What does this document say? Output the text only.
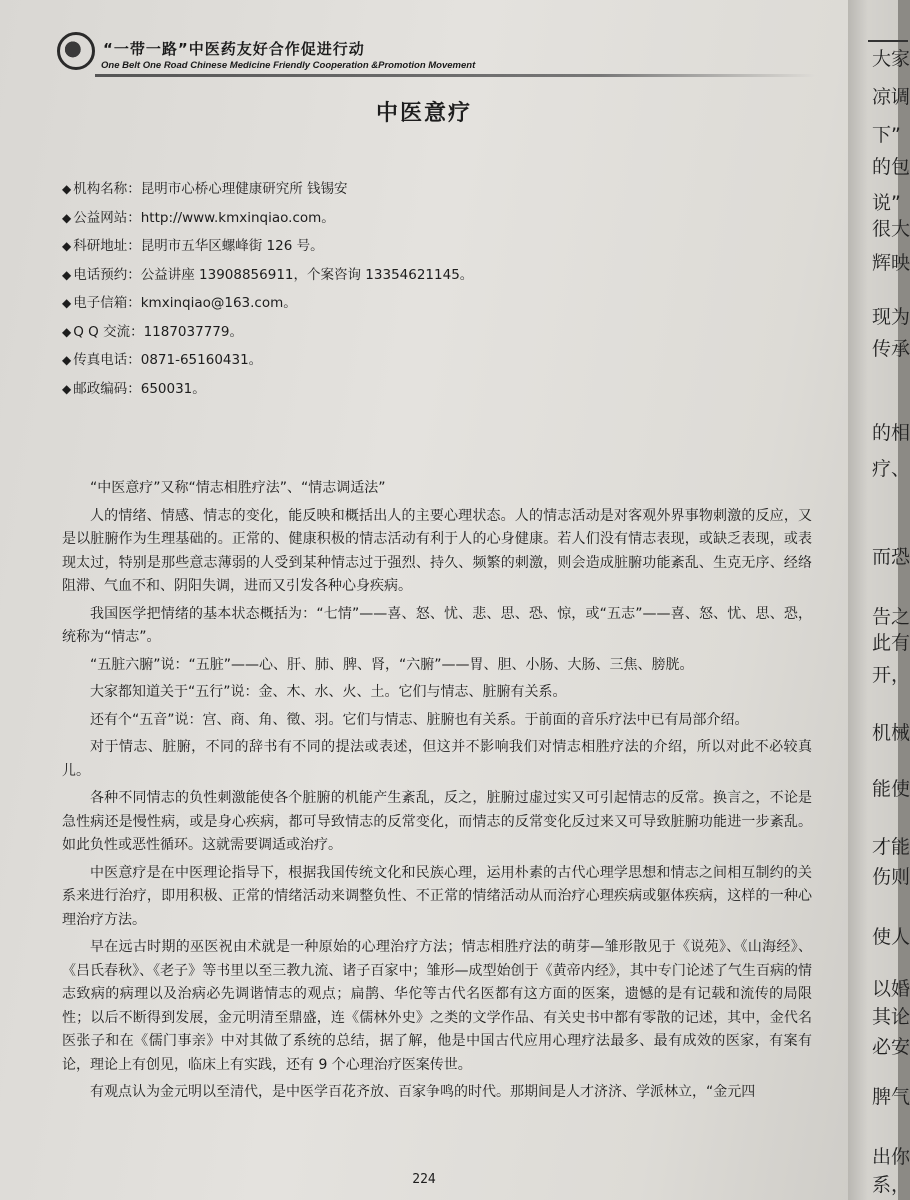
“一带一路”中医药友好合作促进行动
One Belt One Road Chinese Medicine Friendly Cooperation &Promotion Movement
中医意疗
◆ 机构名称：昆明市心桥心理健康研究所 钱锡安
◆ 公益网站：http://www.kmxinqiao.com。
◆ 科研地址：昆明市五华区螺峰街 126 号。
◆ 电话预约：公益讲座 13908856911，个案咨询 13354621145。
◆ 电子信箱：kmxinqiao@163.com。
◆ Q Q 交流：1187037779。
◆ 传真电话：0871-65160431。
◆ 邮政编码：650031。

“中医意疗”又称“情志相胜疗法”、“情志调适法”

人的情绪、情感、情志的变化，能反映和概括出人的主要心理状态。人的情志活动是对客观外界事物刺激的反应，又是以脏腑作为生理基础的。正常的、健康积极的情志活动有利于人的心身健康。若人们没有情志表现，或缺乏表现，或表现太过，特别是那些意志薄弱的人受到某种情志过于强烈、持久、频繁的刺激，则会造成脏腑功能紊乱、生克无序、经络阻滞、气血不和、阴阳失调，进而又引发各种心身疾病。

我国医学把情绪的基本状态概括为：“七情”——喜、怒、忧、悲、思、恐、惊，或“五志”——喜、怒、忧、思、恐，统称为“情志”。

“五脏六腑”说：“五脏”——心、肝、肺、脾、肾，“六腑”——胃、胆、小肠、大肠、三焦、膀胱。

大家都知道关于“五行”说：金、木、水、火、土。它们与情志、脏腑有关系。

还有个“五音”说：宫、商、角、徵、羽。它们与情志、脏腑也有关系。于前面的音乐疗法中已有局部介绍。

对于情志、脏腑，不同的辞书有不同的提法或表述，但这并不影响我们对情志相胜疗法的介绍，所以对此不必较真儿。

各种不同情志的负性刺激能使各个脏腑的机能产生紊乱，反之，脏腑过虚过实又可引起情志的反常。换言之，不论是急性病还是慢性病，或是身心疾病，都可导致情志的反常变化，而情志的反常变化反过来又可导致脏腑功能进一步紊乱。如此负性或恶性循环。这就需要调适或治疗。

中医意疗是在中医理论指导下，根据我国传统文化和民族心理，运用朴素的古代心理学思想和情志之间相互制约的关系来进行治疗，即用积极、正常的情绪活动来调整负性、不正常的情绪活动从而治疗心理疾病或躯体疾病，这样的一种心理治疗方法。

早在远古时期的巫医祝由术就是一种原始的心理治疗方法；情志相胜疗法的萌芽—雏形散见于《说苑》、《山海经》、《吕氏春秋》、《老子》等书里以至三教九流、诸子百家中；雏形—成型始创于《黄帝内经》，其中专门论述了气生百病的情志致病的病理以及治病必先调谐情志的观点；扁鹊、华佗等古代名医都有这方面的医案，遗憾的是有记载和流传的局限性；以后不断得到发展，金元明清至鼎盛，连《儒林外史》之类的文学作品、有关史书中都有零散的记述，其中，金代名医张子和在《儒门事亲》中对其做了系统的总结，据了解，他是中国古代应用心理疗法最多、最有成效的医家，有案有论，理论上有创见，临床上有实践，还有 9 个心理治疗医案传世。

有观点认为金元明以至清代，是中医学百花齐放、百家争鸣的时代。那期间是人才济济、学派林立，“金元四

224
大家
凉调
下”
的包
说”
很大
辉映
现为
传承
的相
疗、
而恐
告之
此有
开，
机械
能使
才能
伤则
使人
以婚
其论
必安
脾气
出你
系，
